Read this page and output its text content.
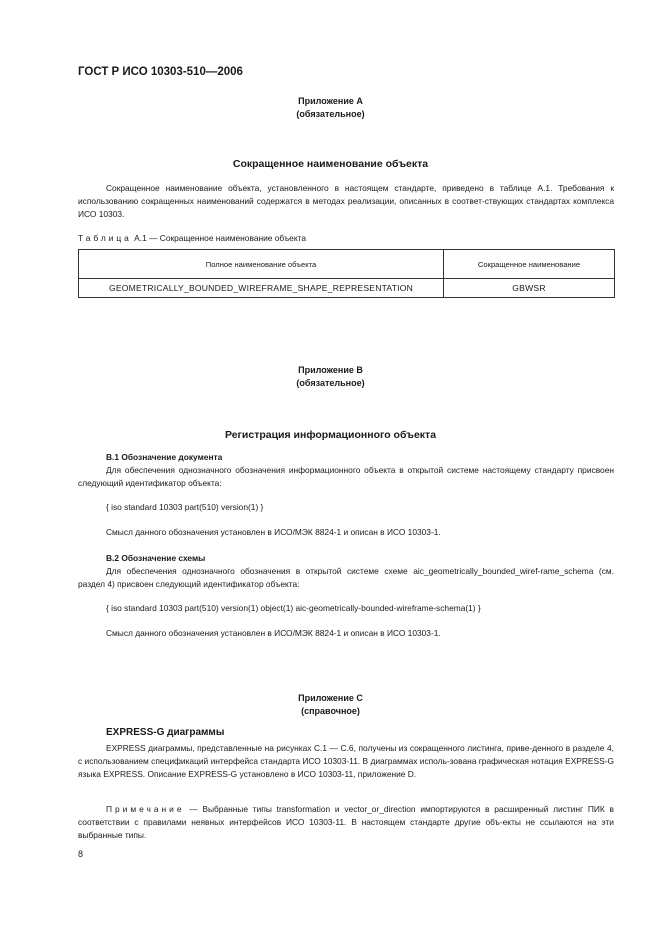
ГОСТ Р ИСО 10303-510—2006
Приложение А
(обязательное)
Сокращенное наименование объекта
Сокращенное наименование объекта, установленного в настоящем стандарте, приведено в таблице А.1. Требования к использованию сокращенных наименований содержатся в методах реализации, описанных в соответ-ствующих стандартах комплекса ИСО 10303.
Таблица А.1 — Сокращенное наименование объекта
Полное наименование объекта	Сокращенное наименование
GEOMETRICALLY_BOUNDED_WIREFRAME_SHAPE_REPRESENTATION	GBWSR
Приложение В
(обязательное)
Регистрация информационного объекта
В.1 Обозначение документа
Для обеспечения однозначного обозначения информационного объекта в открытой системе настоящему стандарту присвоен следующий идентификатор объекта:
{ iso standard 10303 part(510) version(1) }
Смысл данного обозначения установлен в ИСО/МЭК 8824-1 и описан в ИСО 10303-1.
В.2 Обозначение схемы
Для обеспечения однозначного обозначения в открытой системе схеме aic_geometrically_bounded_wiref-rame_schema (см. раздел 4) присвоен следующий идентификатор объекта:
{ iso standard 10303 part(510) version(1) object(1) aic-geometrically-bounded-wireframe-schema(1) }
Смысл данного обозначения установлен в ИСО/МЭК 8824-1 и описан в ИСО 10303-1.
Приложение С
(справочное)
EXPRESS-G диаграммы
EXPRESS диаграммы, представленные на рисунках С.1 — С.6, получены из сокращенного листинга, приве-денного в разделе 4, с использованием спецификаций интерфейса стандарта ИСО 10303-11. В диаграммах исполь-зована графическая нотация EXPRESS-G языка EXPRESS. Описание EXPRESS-G установлено в ИСО 10303-11, приложение D.
Примечание — Выбранные типы transformation и vector_or_direction импортируются в расширенный листинг ПИК в соответствии с правилами неявных интерфейсов ИСО 10303-11. В настоящем стандарте другие объ-екты не ссылаются на эти выбранные типы.
8
